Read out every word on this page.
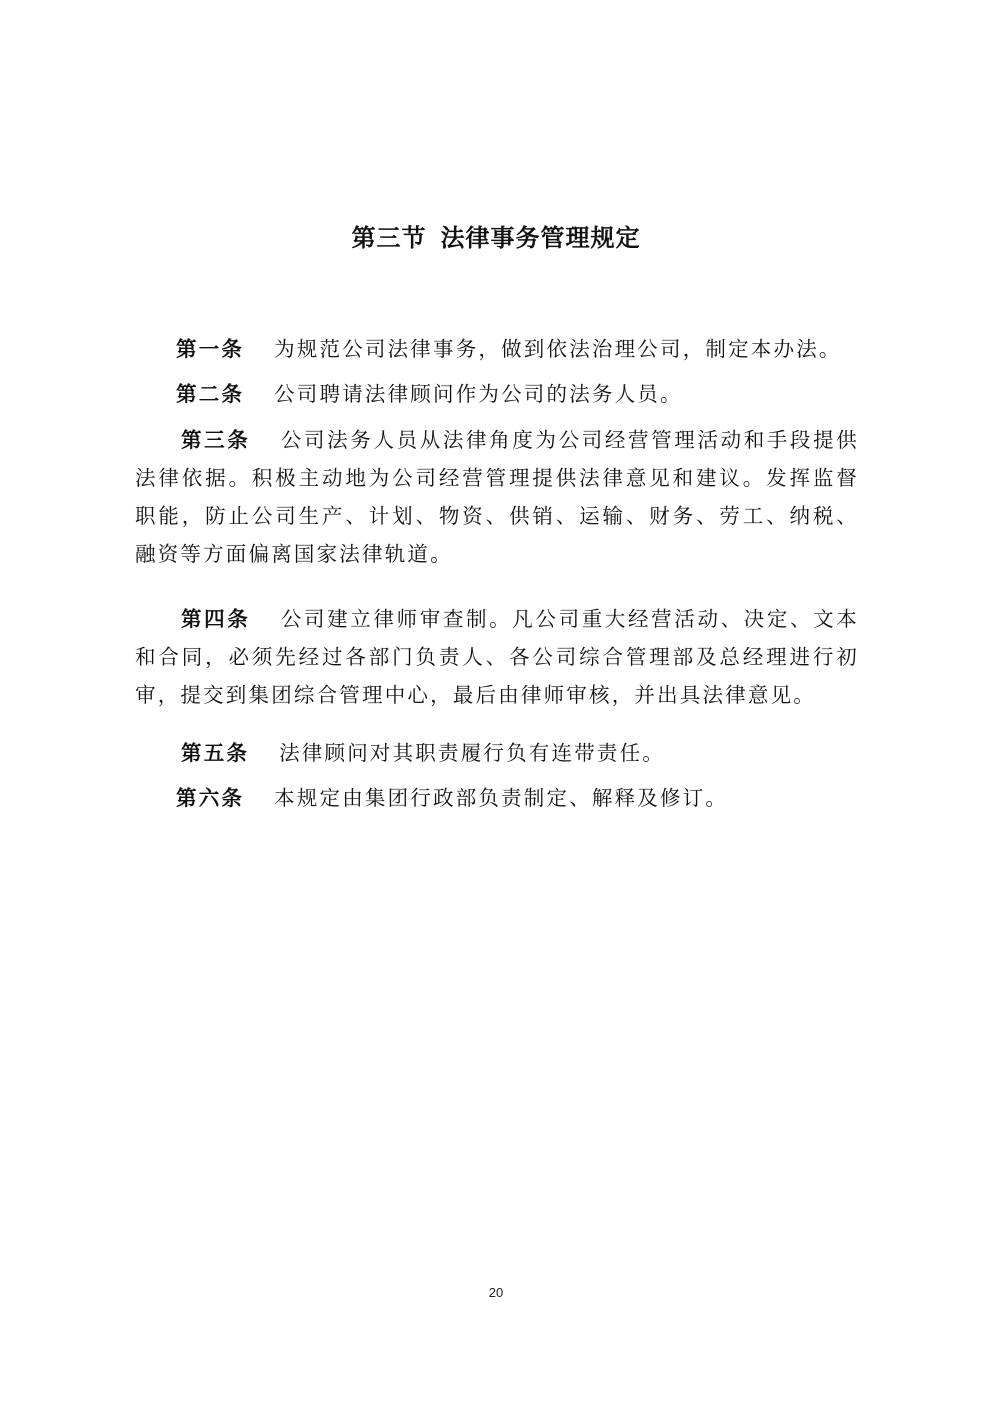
第三节 法律事务管理规定

第一条 为规范公司法律事务，做到依法治理公司，制定本办法。

第二条 公司聘请法律顾问作为公司的法务人员。

第三条 公司法务人员从法律角度为公司经营管理活动和手段提供法律依据。积极主动地为公司经营管理提供法律意见和建议。发挥监督职能，防止公司生产、计划、物资、供销、运输、财务、劳工、纳税、融资等方面偏离国家法律轨道。

第四条 公司建立律师审查制。凡公司重大经营活动、决定、文本和合同，必须先经过各部门负责人、各公司综合管理部及总经理进行初审，提交到集团综合管理中心，最后由律师审核，并出具法律意见。

第五条 法律顾问对其职责履行负有连带责任。

第六条 本规定由集团行政部负责制定、解释及修订。

20
